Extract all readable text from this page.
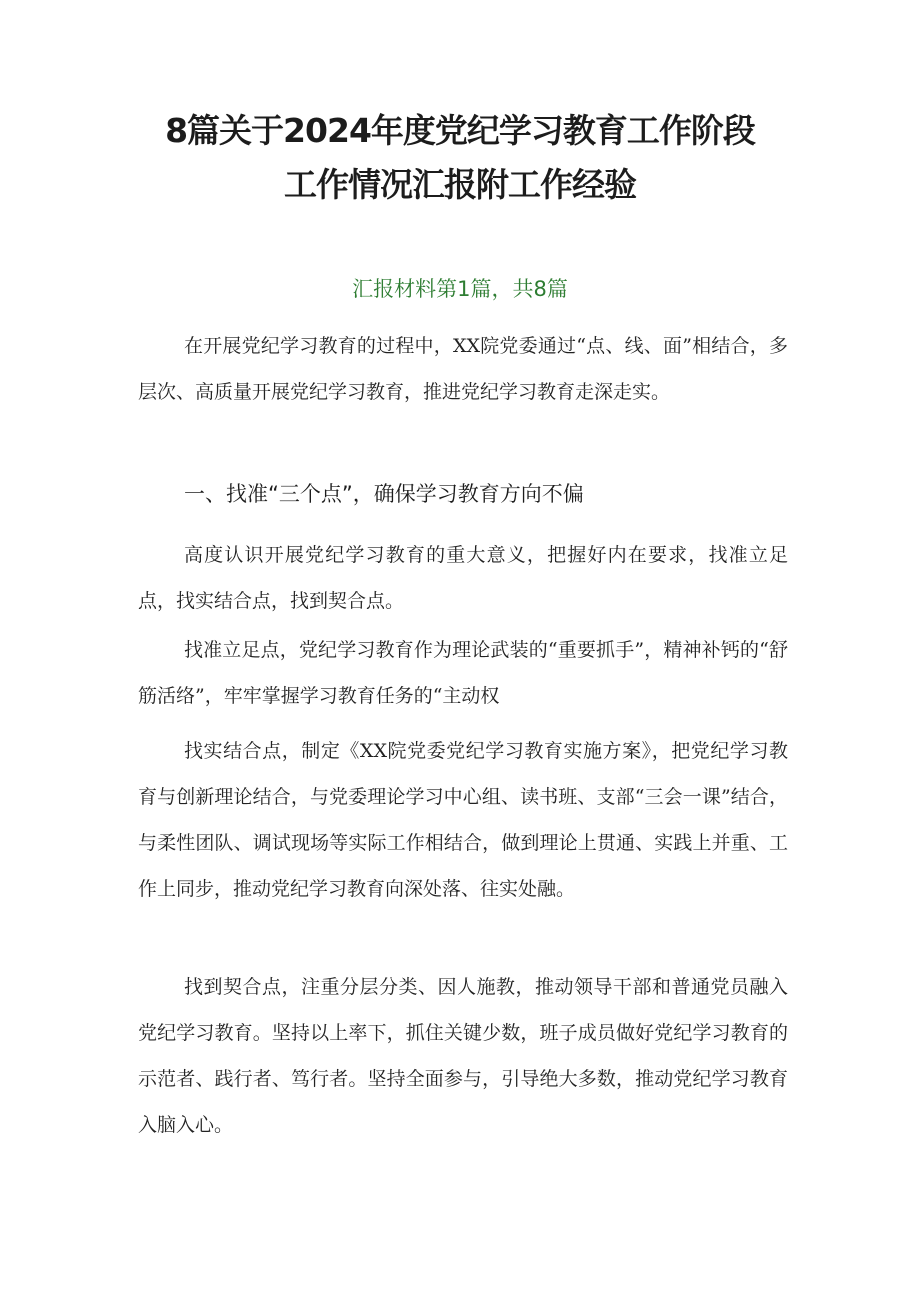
8篇关于2024年度党纪学习教育工作阶段
工作情况汇报附工作经验
汇报材料第1篇，共8篇

在开展党纪学习教育的过程中，XX院党委通过“点、线、面”相结合，多层次、高质量开展党纪学习教育，推进党纪学习教育走深走实。

一、找准“三个点”，确保学习教育方向不偏

高度认识开展党纪学习教育的重大意义，把握好内在要求，找准立足点，找实结合点，找到契合点。

找准立足点，党纪学习教育作为理论武装的“重要抓手”，精神补钙的“舒筋活络”，牢牢掌握学习教育任务的“主动权

找实结合点，制定《XX院党委党纪学习教育实施方案》，把党纪学习教育与创新理论结合，与党委理论学习中心组、读书班、支部“三会一课”结合，与柔性团队、调试现场等实际工作相结合，做到理论上贯通、实践上并重、工作上同步，推动党纪学习教育向深处落、往实处融。

找到契合点，注重分层分类、因人施教，推动领导干部和普通党员融入党纪学习教育。坚持以上率下，抓住关键少数，班子成员做好党纪学习教育的示范者、践行者、笃行者。坚持全面参与，引导绝大多数，推动党纪学习教育入脑入心。
